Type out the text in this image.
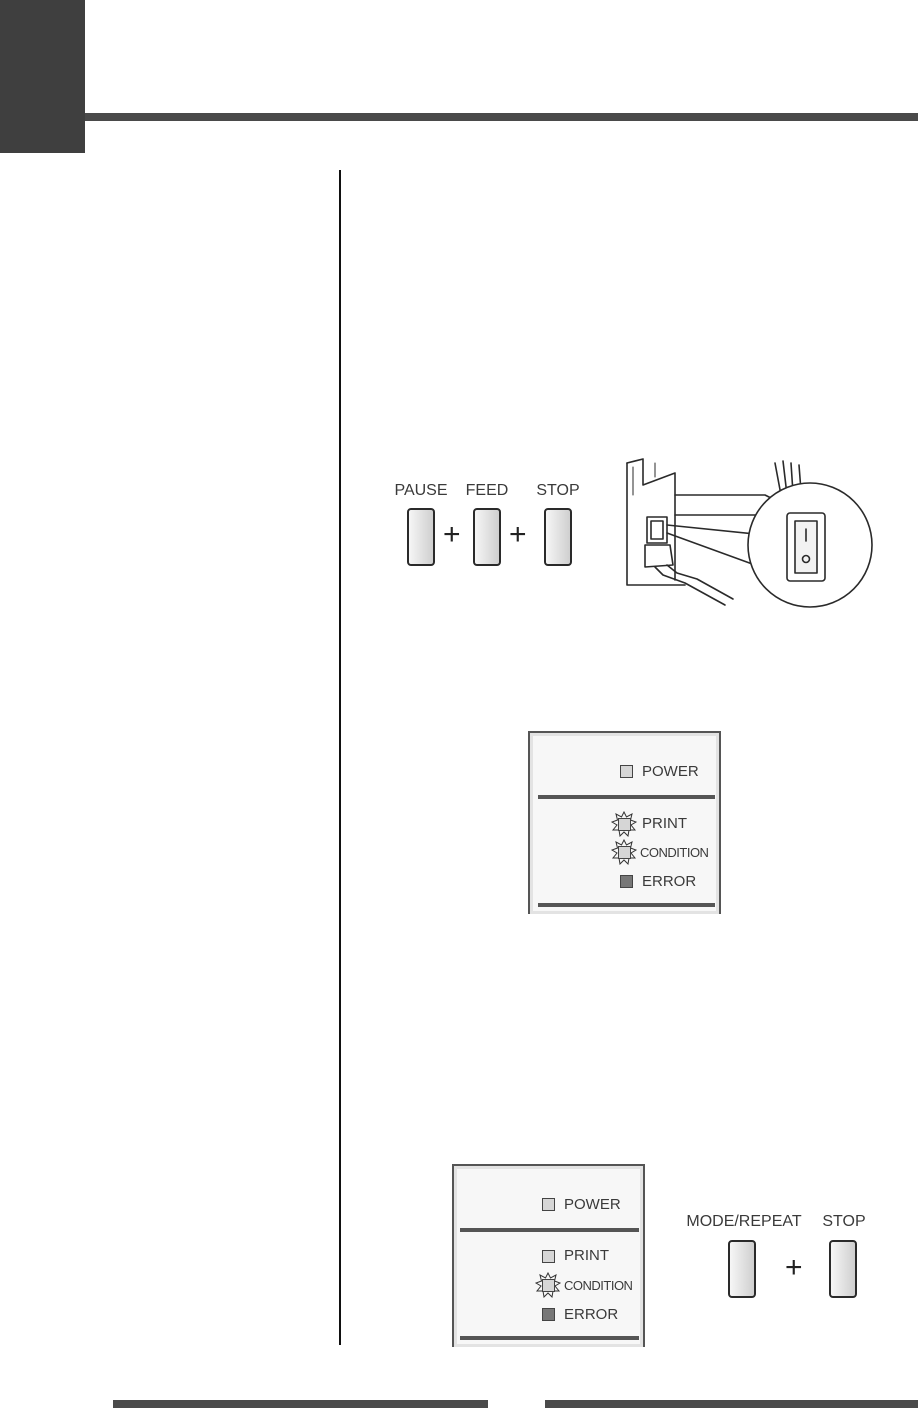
PAUSE	FEED	STOP
+ +
POWER
PRINT
CONDITION
ERROR
POWER
PRINT
CONDITION
ERROR
MODE/REPEAT	STOP
+
